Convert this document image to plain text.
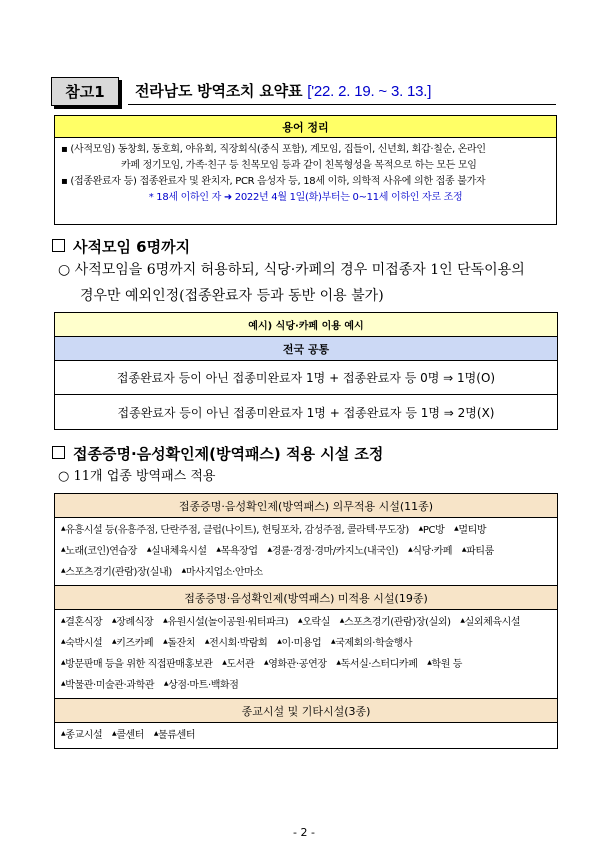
참고1	전라남도 방역조치 요약표 ['22. 2. 19. ~ 3. 13.]
용어 정리
▪ (사적모임) 동창회, 동호회, 야유회, 직장회식(중식 포함), 계모임, 집들이, 신년회, 회갑·칠순, 온라인
카페 정기모임, 가족·친구 등 친목모임 등과 같이 친목형성을 목적으로 하는 모든 모임
▪ (접종완료자 등) 접종완료자 및 완치자, PCR 음성자 등, 18세 이하, 의학적 사유에 의한 접종 불가자
* 18세 이하인 자 ➜ 2022년 4월 1일(화)부터는 0~11세 이하인 자로 조정
사적모임 6명까지
○ 사적모임을 6명까지 허용하되, 식당·카페의 경우 미접종자 1인 단독이용의
경우만 예외인정(접종완료자 등과 동반 이용 불가)
예시) 식당·카페 이용 예시
전국 공통
접종완료자 등이 아닌 접종미완료자 1명 + 접종완료자 등 0명 ⇒ 1명(O)
접종완료자 등이 아닌 접종미완료자 1명 + 접종완료자 등 1명 ⇒ 2명(X)
접종증명·음성확인제(방역패스) 적용 시설 조정
○ 11개 업종 방역패스 적용
접종증명·음성확인제(방역패스) 의무적용 시설(11종)
▲유흥시설 등(유흥주점, 단란주점, 클럽(나이트), 헌팅포차, 감성주점, 콜라텍·무도장) ▲PC방 ▲멀티방 ▲노래(코인)연습장 ▲실내체육시설 ▲목욕장업 ▲경륜·경정·경마/카지노(내국인) ▲식당·카페 ▲파티룸 ▲스포츠경기(관람)장(실내) ▲마사지업소·안마소
접종증명·음성확인제(방역패스) 미적용 시설(19종)
▲결혼식장 ▲장례식장 ▲유원시설(놀이공원·워터파크) ▲오락실 ▲스포츠경기(관람)장(실외) ▲실외체육시설 ▲숙박시설 ▲키즈카페 ▲돌잔치 ▲전시회·박람회 ▲이·미용업 ▲국제회의·학술행사 ▲방문판매 등을 위한 직접판매홍보관 ▲도서관 ▲영화관·공연장 ▲독서실·스터디카페 ▲학원 등 ▲박물관·미술관·과학관 ▲상점·마트·백화점
종교시설 및 기타시설(3종)
▲종교시설 ▲콜센터 ▲물류센터
- 2 -
